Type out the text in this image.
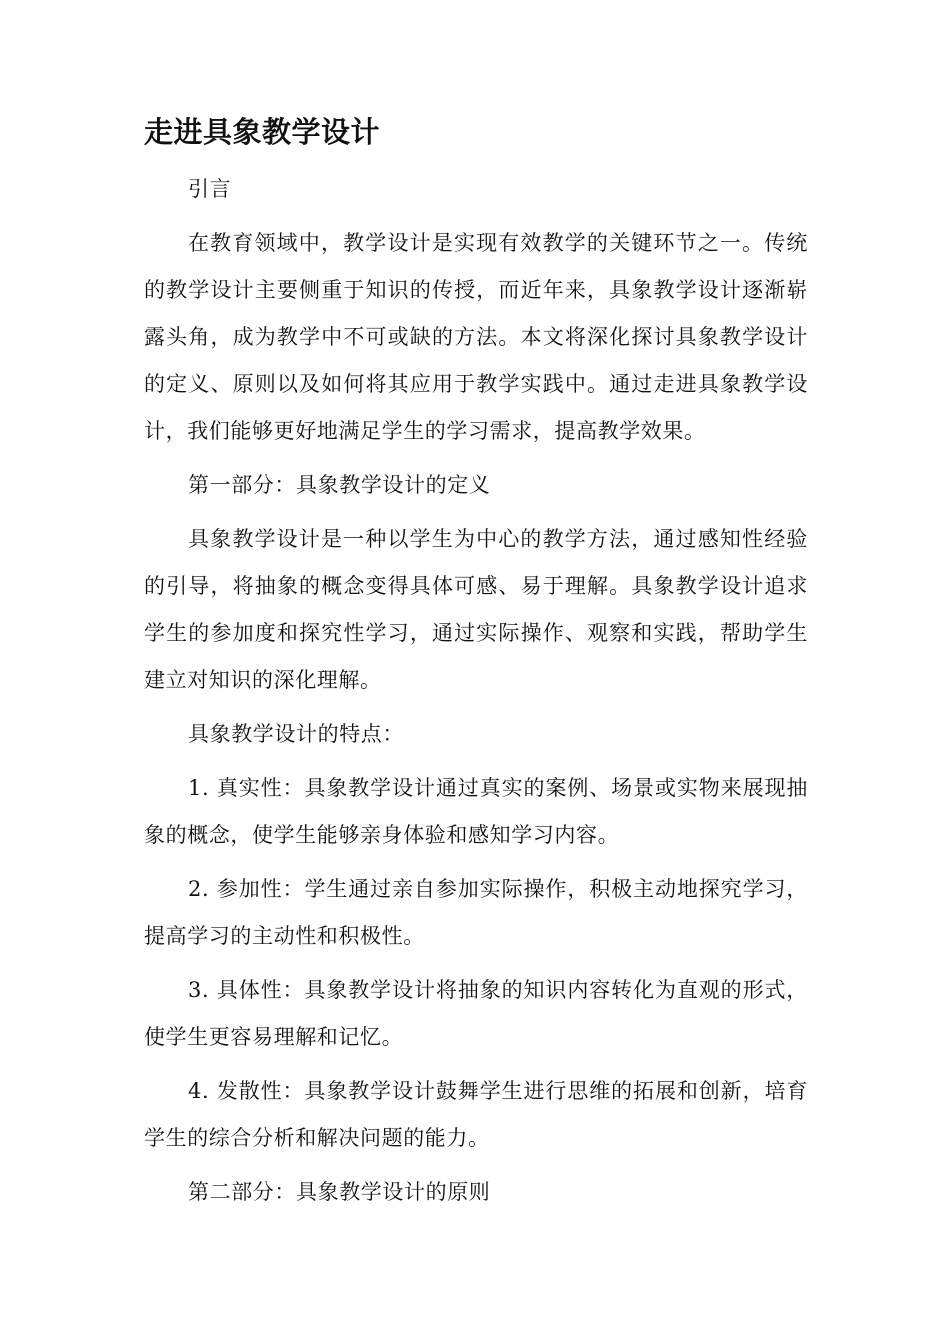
走进具象教学设计

引言

在教育领域中，教学设计是实现有效教学的关键环节之一。传统的教学设计主要侧重于知识的传授，而近年来，具象教学设计逐渐崭露头角，成为教学中不可或缺的方法。本文将深化探讨具象教学设计的定义、原则以及如何将其应用于教学实践中。通过走进具象教学设计，我们能够更好地满足学生的学习需求，提高教学效果。

第一部分：具象教学设计的定义

具象教学设计是一种以学生为中心的教学方法，通过感知性经验的引导，将抽象的概念变得具体可感、易于理解。具象教学设计追求学生的参加度和探究性学习，通过实际操作、观察和实践，帮助学生建立对知识的深化理解。

具象教学设计的特点：

1. 真实性：具象教学设计通过真实的案例、场景或实物来展现抽象的概念，使学生能够亲身体验和感知学习内容。

2. 参加性：学生通过亲自参加实际操作，积极主动地探究学习，提高学习的主动性和积极性。

3. 具体性：具象教学设计将抽象的知识内容转化为直观的形式，使学生更容易理解和记忆。

4. 发散性：具象教学设计鼓舞学生进行思维的拓展和创新，培育学生的综合分析和解决问题的能力。

第二部分：具象教学设计的原则
